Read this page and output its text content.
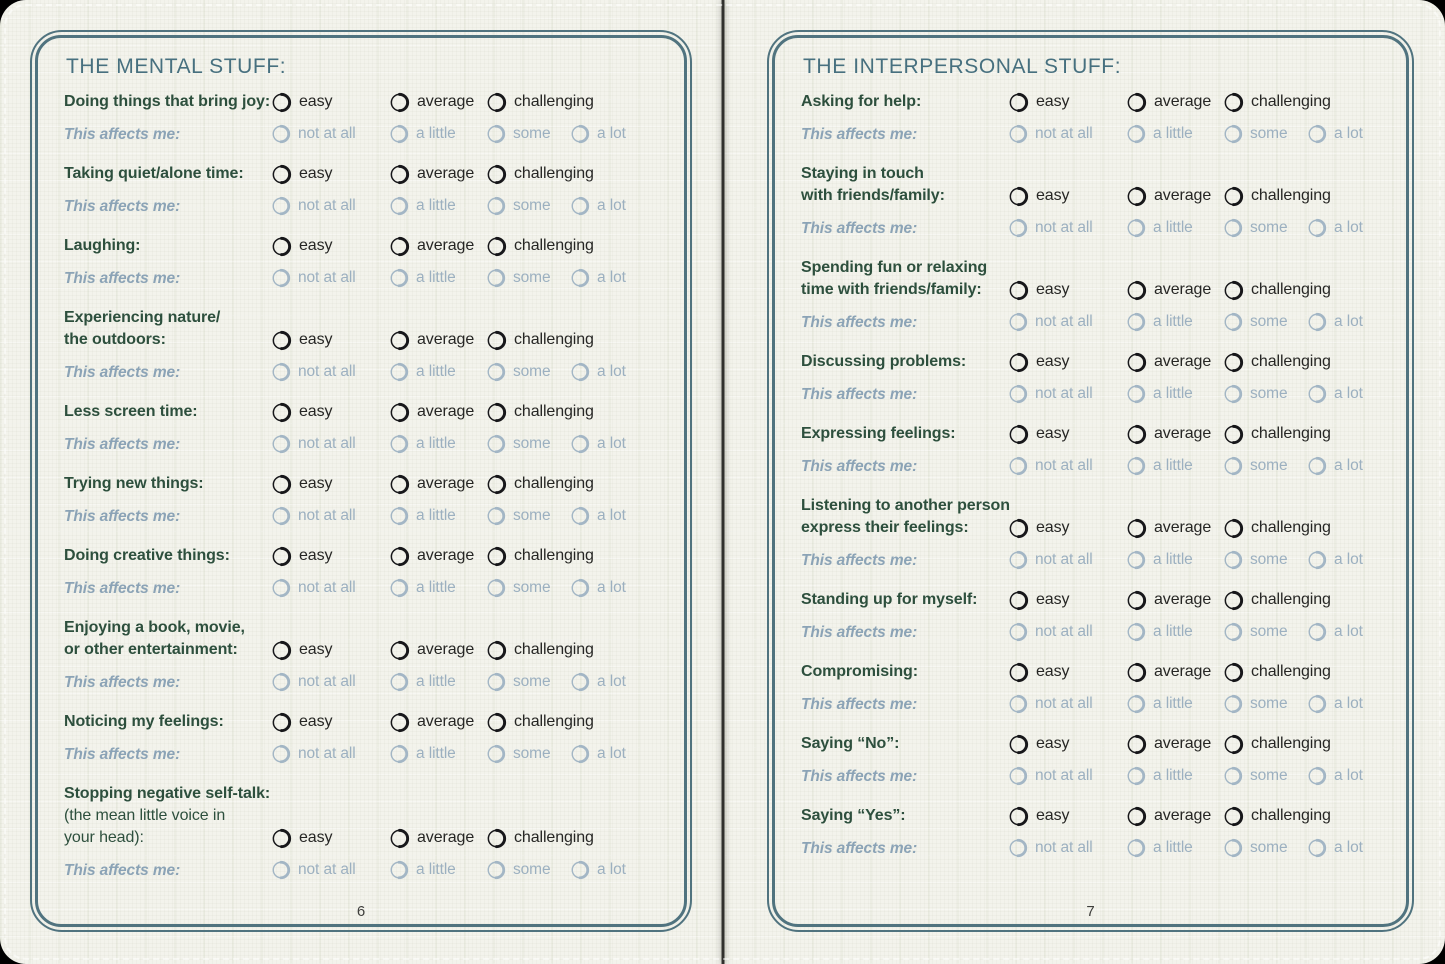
THE MENTAL STUFF:
Doing things that bring joy: easy	average challenging
This affects me:	not at all	a little	some	a lot
Taking quiet/alone time:	easy	average challenging
This affects me:	not at all	a little	some	a lot
Laughing:	easy	average challenging
This affects me:	not at all	a little	some	a lot
Experiencing nature/
the outdoors:	easy	average challenging
This affects me:	not at all	a little	some	a lot
Less screen time:	easy	average challenging
This affects me:	not at all	a little	some	a lot
Trying new things:	easy	average challenging
This affects me:	not at all	a little	some	a lot
Doing creative things:	easy	average challenging
This affects me:	not at all	a little	some	a lot
Enjoying a book, movie,
or other entertainment:	easy	average challenging
This affects me:	not at all	a little	some	a lot
Noticing my feelings:	easy	average challenging
This affects me:	not at all	a little	some	a lot
Stopping negative self-talk:
(the mean little voice in
your head):	easy	average challenging
This affects me:	not at all	a little	some	a lot
6
THE INTERPERSONAL STUFF:
Asking for help:	easy	average challenging
This affects me:	not at all	a little	some	a lot
Staying in touch
with friends/family:	easy	average challenging
This affects me:	not at all	a little	some	a lot
Spending fun or relaxing
time with friends/family:	easy	average challenging
This affects me:	not at all	a little	some	a lot
Discussing problems:	easy	average challenging
This affects me:	not at all	a little	some	a lot
Expressing feelings:	easy	average challenging
This affects me:	not at all	a little	some	a lot
Listening to another person
express their feelings:	easy	average challenging
This affects me:	not at all	a little	some	a lot
Standing up for myself:	easy	average challenging
This affects me:	not at all	a little	some	a lot
Compromising:	easy	average challenging
This affects me:	not at all	a little	some	a lot
Saying “No”:	easy	average challenging
This affects me:	not at all	a little	some	a lot
Saying “Yes”:	easy	average challenging
This affects me:	not at all	a little	some	a lot
7
